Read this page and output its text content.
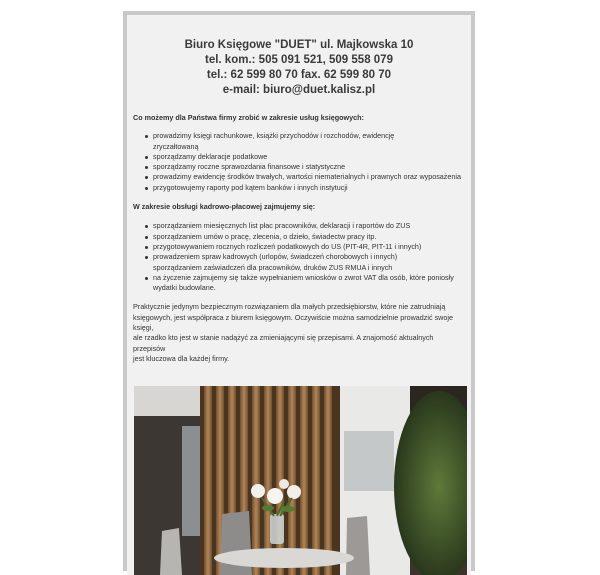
Biuro Księgowe "DUET" ul. Majkowska 10
tel. kom.: 505 091 521, 509 558 079
tel.: 62 599 80 70 fax. 62 599 80 70
e-mail: biuro@duet.kalisz.pl
Co możemy dla Państwa firmy zrobić w zakresie usług księgowych:
prowadzimy księgi rachunkowe, książki przychodów i rozchodów, ewidencję
zryczałtowaną
sporządzamy deklaracje podatkowe
sporządzamy roczne sprawozdania finansowe i statystyczne
prowadzimy ewidencję środków trwałych, wartości niematerialnych i prawnych oraz wyposażenia
przygotowujemy raporty pod kątem banków i innych instytucji
W zakresie obsługi kadrowo-płacowej zajmujemy się:
sporządzaniem miesięcznych list płac pracowników, deklaracji i raportów do ZUS
sporządzaniem umów o pracę, zlecenia, o dzieło, świadectw pracy itp.
przygotowywaniem rocznych rozliczeń podatkowych do US (PIT-4R, PIT-11 i innych)
prowadzeniem spraw kadrowych (urlopów, świadczeń chorobowych i innych)
sporządzaniem zaświadczeń dla pracowników, druków ZUS RMUA i innych
na życzenie zajmujemy się także wypełnianiem wniosków o zwrot VAT dla osób, które poniosły
wydatki budowlane.
Praktycznie jedynym bezpiecznym rozwiązaniem dla małych przedsiębiorstw, które nie zatrudniają
księgowych, jest współpraca z biurem księgowym. Oczywiście można samodzielnie prowadzić swoje księgi,
ale rzadko kto jest w stanie nadążyć za zmieniającymi się przepisami. A znajomość aktualnych przepisów
jest kluczowa dla każdej firmy.
